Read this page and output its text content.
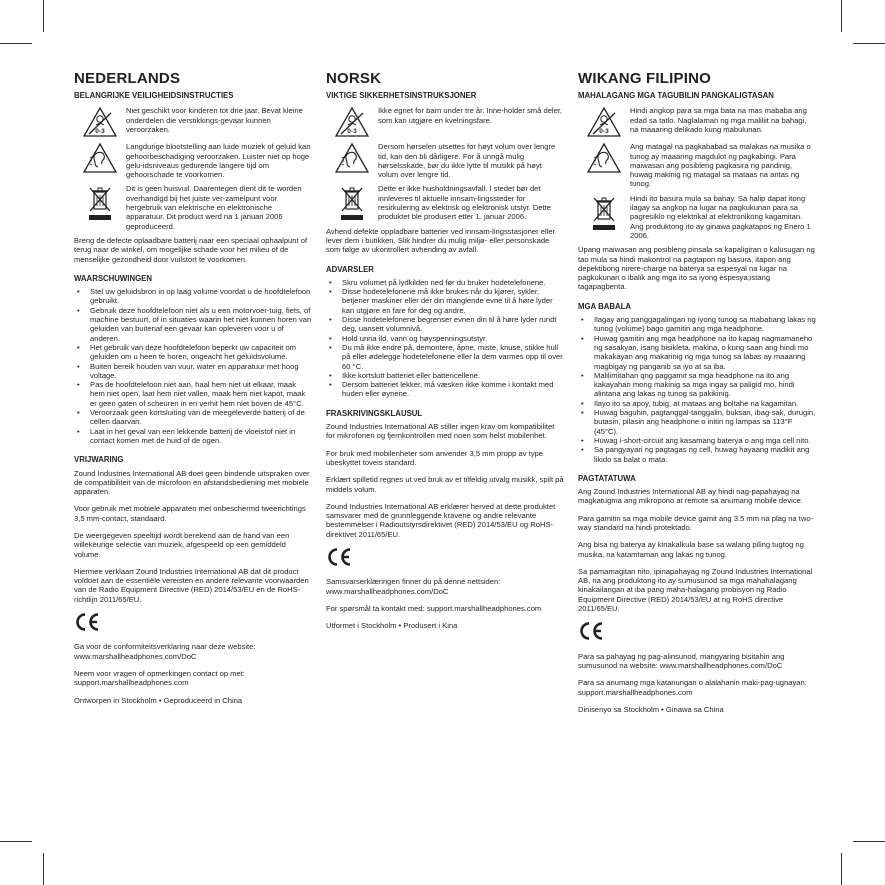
NEDERLANDS
BELANGRIJKE VEILIGHEIDSINSTRUCTIES
0-3
Niet geschikt voor kinderen tot drie jaar. Bevat kleine onderdelen die verstikkings-gevaar kunnen veroorzaken.
Langdurige blootstelling aan luide muziek of geluid kan gehoorbeschadiging veroorzaken. Luister niet op hoge gelu-idsniveaus gedurende langere tijd om gehoorschade te voorkomen.
Dit is geen huisvuil. Daarentegen dient dit te worden overhandigd bij het juiste ver-zamelpunt voor hergebruik van elektrische en elektronische apparatuur. Dit product werd na 1 januari 2006 geproduceerd.

Breng de defecte oplaadbare batterij naar een speciaal ophaalpunt of terug naar de winkel, om mogelijke schade voor het milieu of de menselijke gezondheid door vuilstort te voorkomen.

WAARSCHUWINGEN
• Stel uw geluidsbron in op laag volume voordat u de hoofdtelefoon gebruikt.
• Gebruik deze hoofdtelefoon niet als u een motorvoer-tuig, fiets, of machine bestuurt, of in situaties waarin het niet kunnen horen van geluiden van buitenaf een gevaar kan opleveren voor u of anderen.
• Het gebruik van deze hoofdtelefoon beperkt uw capaciteit om geluiden om u heen te horen, ongeacht het geluidsvolume.
• Buiten bereik houden van vuur, water en apparatuur met hoog voltage.
• Pas de hoofdtelefoon niet aan, haal hem niet uit elkaar, maak hem niet open, laat hem niet vallen, maak hem niet kapot, maak er geen gaten of scheuren in en verhit hem niet boven de 45°C.
• Veroorzaak geen kortsluiting van de meegeleverde batterij of de cellen daarvan.
• Laat in het geval van een lekkende batterij de vloeistof niet in contact komen met de huid of de ogen.
VRIJWARING

Zound Industries International AB doet geen bindende uitspraken over de compatibiliteit van de microfoon en afstandsbediening met mobiele apparaten.

Voor gebruik met mobiele apparaten met onbeschermd tweerichtings 3,5 mm-contact, standaard.

De weergegeven speeltijd wordt berekend aan de hand van een willekeurige selectie van muziek, afgespeeld op een gemiddeld volume.

Hiermee verklaart Zound Industries International AB dat dit product voldoet aan de essentiële vereisten en andere relevante voorwaarden van de Radio Equipment Directive (RED) 2014/53/EU en de RoHS-richtlijn 2011/65/EU.

Ga voor de conformiteitsverklaring naar deze website: www.marshallheadphones.com/DoC

Neem voor vragen of opmerkingen contact op met: support.marshallheadphones.com

Ontworpen in Stockholm • Geproduceerd in China

NORSK
VIKTIGE SIKKERHETSINSTRUKSJONER
0-3
Ikke egnet for barn under tre år. Inne-holder små deler, som kan utgjøre en kvelningsfare.
Dersom hørselen utsettes for høyt volum over lengre tid, kan den bli dårligere. For å unngå mulig hørselsskade, bør du ikke lytte til musikk på høyt volum over lengre tid.
Dette er ikke husholdningsavfall. I stedet bør det innleveres til aktuelle innsam-lingssteder for resirkulering av elektrisk og elektronisk utstyr. Dette produktet ble produsert etter 1. januar 2006.

Avhend defekte oppladbare batterier ved innsam-lingsstasjoner eller lever dem i butikken. Slik hindrer du mulig miljø- eller personskade som følge av ukontrollert avhending av avfall.

ADVARSLER
• Skru volumet på lydkilden ned før du bruker hodetelefonene.
• Disse hodetelefonene må ikke brukes når du kjører, sykler, betjener maskiner eller der din manglende evne til å høre lyder kan utgjøre en fare for deg og andre.
• Disse hodetelefonene begrenser evnen din til å høre lyder rundt deg, uansett volumnivå.
• Hold unna ild, vann og høyspenningsutstyr.
• Du må ikke endre på, demontere, åpne, miste, knuse, stikke hull på eller ødelegge hodetelefonene eller la dem varmes opp til over 60 °C.
• Ikke kortslutt batteriet eller battericellene.
• Dersom batteriet lekker, må væsken ikke komme i kontakt med huden eller øynene.
FRASKRIVINGSKLAUSUL

Zound Industries International AB stiller ingen krav om kompatibilitet for mikrofonen og fjernkontrollen med noen som helst mobilenhet.

For bruk med mobilenheter som anvender 3,5 mm propp av type ubeskyttet toveis standard.

Erklært spilletid regnes ut ved bruk av et tilfeldig utvalg musikk, spilt på middels volum.

Zound Industries International AB erklærer herved at dette produktet samsvarer med de grunnleggende kravene og andre relevante bestemmelser i Radioutstyrsdirektivet (RED) 2014/53/EU og RoHS-direktivet 2011/65/EU.

Samsvarserklæringen finner du på denne nettsiden: www.marshallheadphones.com/DoC

For spørsmål ta kontakt med: support.marshallheadphones.com

Utformet i Stockholm • Produsert i Kina

WIKANG FILIPINO
MAHALAGANG MGA TAGUBILIN PANGKALIGTASAN
0-3
Hindi angkop para sa mga bata na mas mababa ang edad sa tatlo. Naglalaman ng mga maliliit na bahagi, na maaaring delikado kung mabulunan.
Ang matagal na pagkababad sa malakas na musika o tunog ay maaaring magdulot ng pagkabingi. Para maiwasan ang posibleng pagkasira ng pandinig, huwag makinig ng matagal sa mataas na antas ng tunog.
Hindi ito basura mula sa bahay. Sa halip dapat itong ilagay sa angkop na lugar na pagkukunan para sa pagresiklo ng elektrikal at elektronikong kagamitan. Ang produktong ito ay ginawa pagkatapos ng Enero 1 2006.

Upang maiwasan ang posibleng pinsala sa kapaligiran o kalusugan ng tao mula sa hindi makontrol na pagtapon ng basura, itapon ang depektibong nirere-charge na baterya sa espesyal na lugar na pagkukunan o ibalik ang mga ito sa iyong espesya;istang tagapagbenta.

MGA BABALA
• Ilagay ang panggagalingan ng iyong tunog sa mababang lakas ng tunog (volume) bago gamitin ang mga headphone.
• Huwag gamitin ang mga headphone na ito kapag nagmamaneho ng sasakyan, isang bisikleta, makina, o kung saan ang hindi mo makakayan ang makarinig ng mga tunog sa labas ay maaaring magbigay ng panganib sa iyo at sa iba.
• Malilimitahan qng paggamit sa mga headphone na ito ang kakayahan mong makinig sa mga ingay sa paligid mo, hindi alintana ang lakas ng tunog sa pakikinig.
• Ilayo ito sa apoy, tubig, at mataas ang boltahe na kagamitan.
• Huwag baguhin, pagtanggal-tanggalin, buksan, ibag-sak, durugin, butasin, pilasin ang headphone o initin ng lampas sa 113°F (45°C).
• Huwag i-short-circuit ang kasamang baterya o ang mga cell nito.
• Sa pangyayari ng pagtagas ng cell, huwag hayaang madikit ang likido sa balat o mata.
PAGTATATUWA

Ang Zound Industries International AB ay hindi nag-papahayag na magkatugma ang mikropono at remote sa anumang mobile device.

Para gamitin sa mga mobile device gamit ang 3.5 mm na plag na two-way standard na hindi protektado.

Ang bisa ng baterya ay kinakalkula base sa walang piling tugtog ng musika, na katamtaman ang lakas ng tunog.

Sa pamamagitan nito, ipinapahayag ng Zound Industries International AB, na ang produktong ito ay sumusunod sa mga mahahalagang kinakailangan at iba pang maha-halagang probisyon ng Radio Equipment Directive (RED) 2014/53/EU at ng RoHS directive 2011/65/EU.

Para sa pahayag ng pag-alinsunod, mangyaring bisitahin ang sumusunod na website: www.marshallheadphones.com/DoC

Para sa anumang mga katanungan o alalahanin maki-pag-ugnayan: support.marshallheadphones.com

Dinisenyo sa Stockholm • Ginawa sa China
